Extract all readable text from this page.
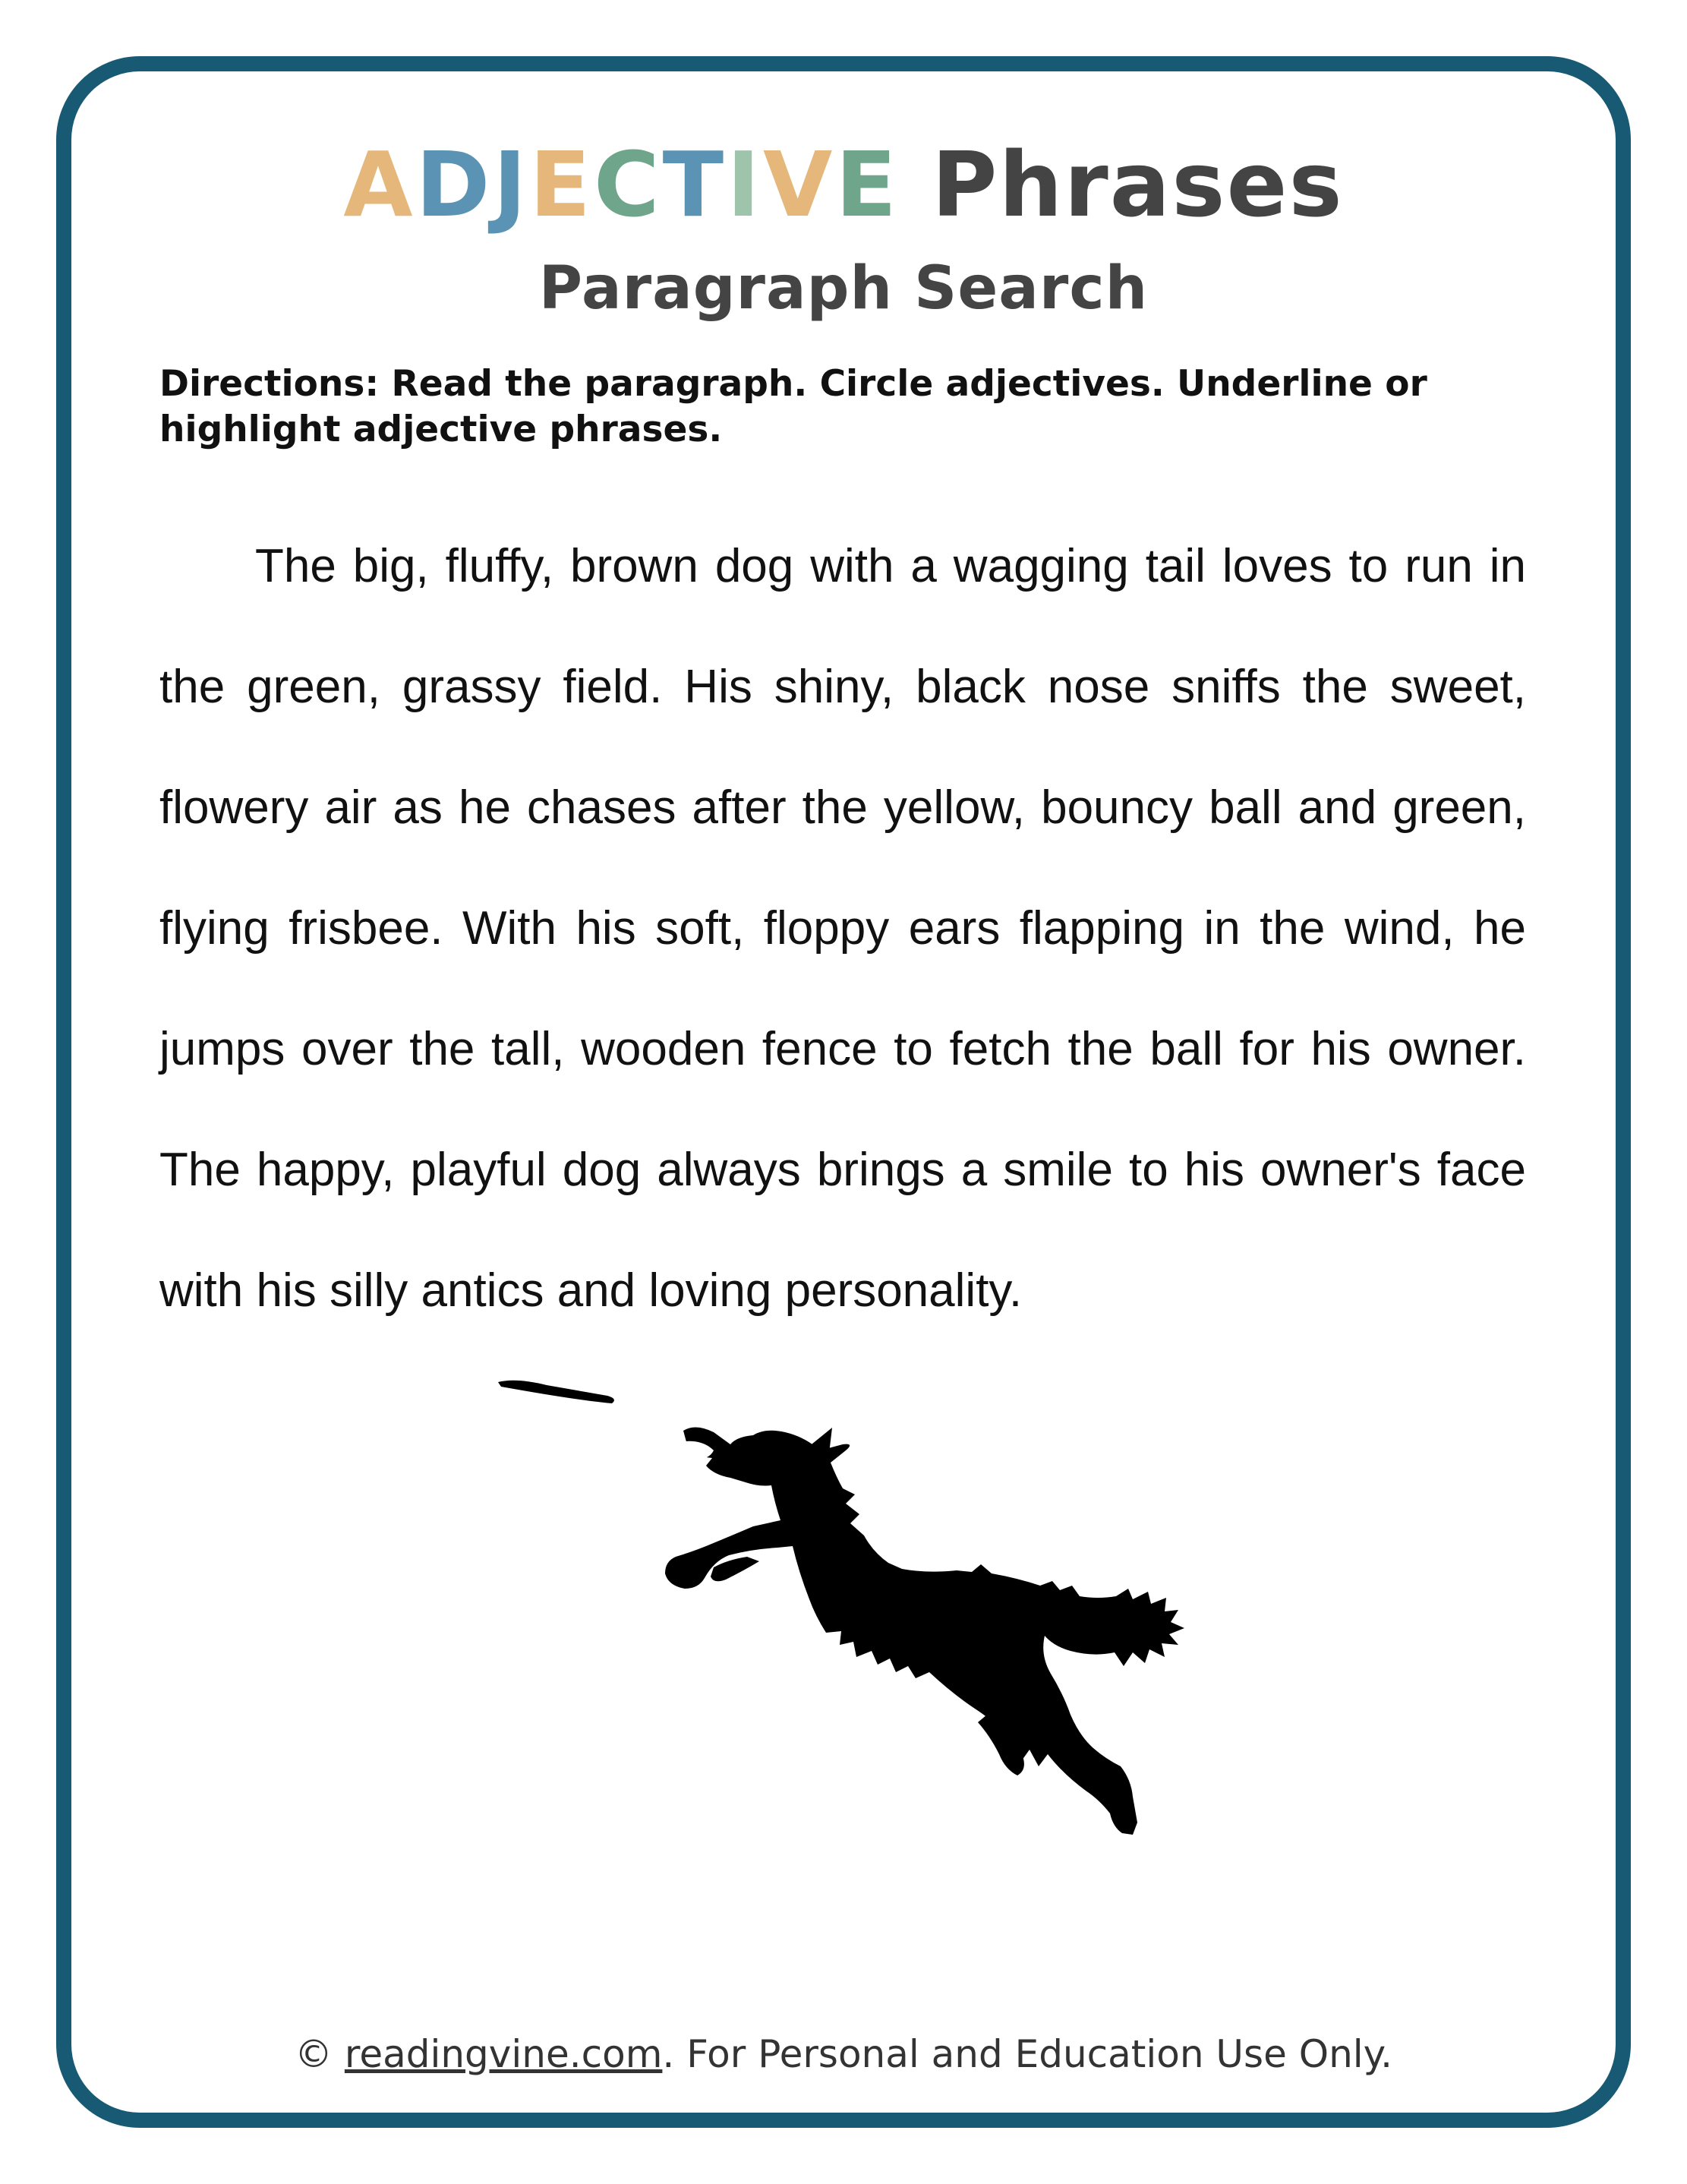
ADJECTIVE Phrases
Paragraph Search
Directions: Read the paragraph. Circle adjectives. Underline or highlight adjective phrases.

The big, fluffy, brown dog with a wagging tail loves to run in the green, grassy field. His shiny, black nose sniffs the sweet, flowery air as he chases after the yellow, bouncy ball and green, flying frisbee. With his soft, floppy ears flapping in the wind, he jumps over the tall, wooden fence to fetch the ball for his owner. The happy, playful dog always brings a smile to his owner's face with his silly antics and loving personality.

© readingvine.com. For Personal and Education Use Only.
